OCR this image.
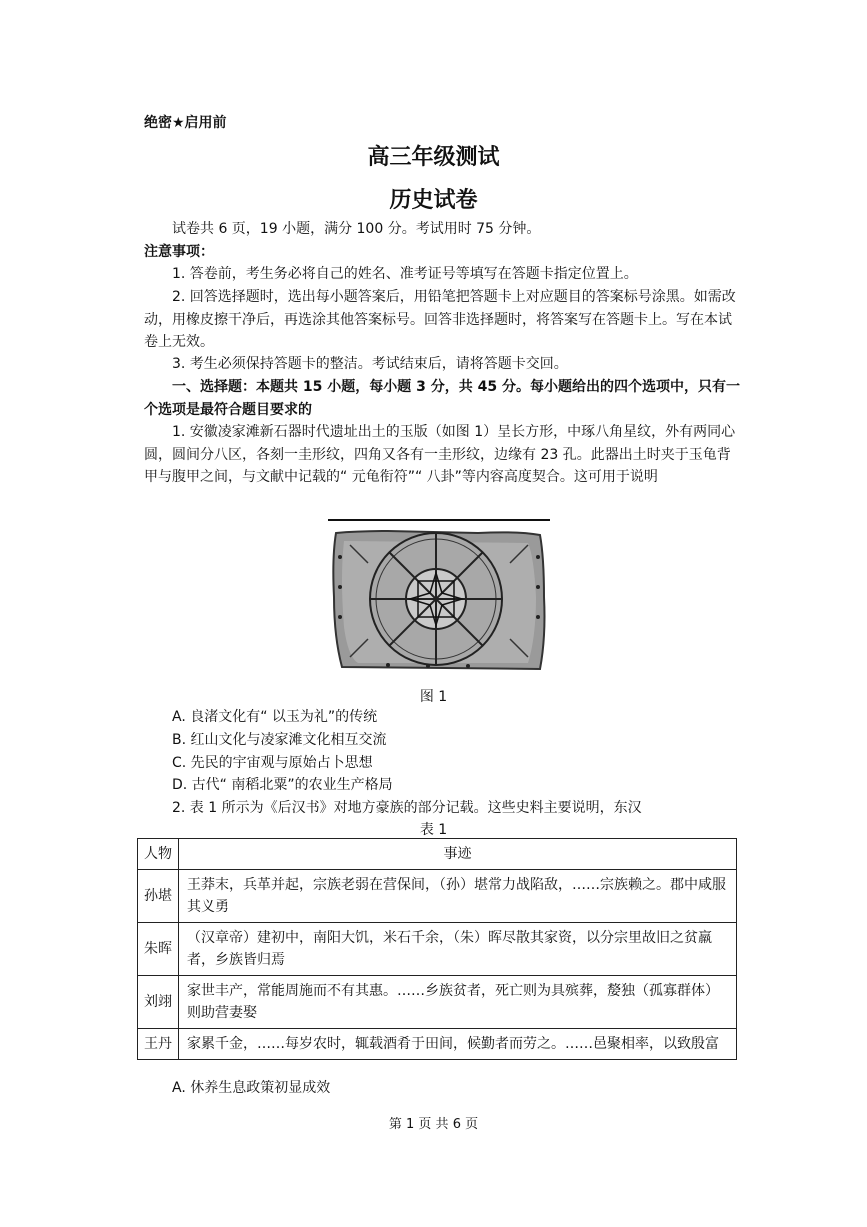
绝密★启用前
高三年级测试
历史试卷
试卷共 6 页，19 小题，满分 100 分。考试用时 75 分钟。
注意事项：
1. 答卷前，考生务必将自己的姓名、准考证号等填写在答题卡指定位置上。
2. 回答选择题时，选出每小题答案后，用铅笔把答题卡上对应题目的答案标号涂黑。如需改动，用橡皮擦干净后，再选涂其他答案标号。回答非选择题时，将答案写在答题卡上。写在本试卷上无效。
3. 考生必须保持答题卡的整洁。考试结束后，请将答题卡交回。
一、选择题：本题共 15 小题，每小题 3 分，共 45 分。每小题给出的四个选项中，只有一个选项是最符合题目要求的
1. 安徽凌家滩新石器时代遗址出土的玉版（如图 1）呈长方形，中琢八角星纹，外有两同心圆，圆间分八区，各刻一圭形纹，四角又各有一圭形纹，边缘有 23 孔。此器出土时夹于玉龟背甲与腹甲之间，与文献中记载的“ 元龟衔符”“ 八卦”等内容高度契合。这可用于说明
图 1
A. 良渚文化有“ 以玉为礼”的传统
B. 红山文化与凌家滩文化相互交流
C. 先民的宇宙观与原始占卜思想
D. 古代“ 南稻北粟”的农业生产格局
2. 表 1 所示为《后汉书》对地方豪族的部分记载。这些史料主要说明，东汉
表 1
人物	事迹
孙堪	王莽末，兵革并起，宗族老弱在营保间，（孙）堪常力战陷敌，……宗族赖之。郡中咸服其义勇
朱晖	（汉章帝）建初中，南阳大饥，米石千余，（朱）晖尽散其家资，以分宗里故旧之贫羸者，乡族皆归焉
刘翊	家世丰产，常能周施而不有其惠。……乡族贫者，死亡则为具殡葬，嫠独（孤寡群体）则助营妻娶
王丹	家累千金，……每岁农时，辄载酒肴于田间，候勤者而劳之。……邑聚相率，以致殷富
A. 休养生息政策初显成效
第 1 页 共 6 页
